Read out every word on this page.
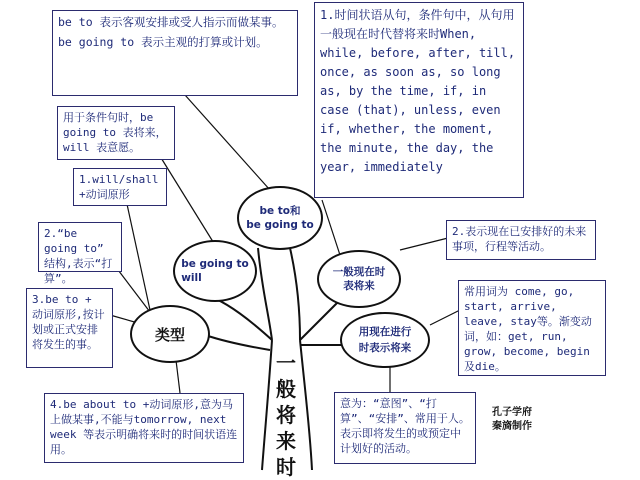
be to 表示客观安排或受人指示而做某事。
be going to 表示主观的打算或计划。
用于条件句时，be going to 表将来，will 表意愿。
1.will/shall
+动词原形
2.“be going to” 结构,表示“打算”。
3.be to + 动词原形,按计划或正式安排将发生的事。
4.be about to +动词原形,意为马上做某事,不能与tomorrow, next week 等表示明确将来时的时间状语连用。
1.时间状语从句，条件句中，从句用一般现在时代替将来时When, while, before, after, till, once, as soon as, so long as, by the time, if, in case (that), unless, even if, whether, the moment, the minute, the day, the year, immediately
2.表示现在已安排好的未来事项，行程等活动。
常用词为 come, go, start, arrive, leave, stay等。渐变动词，如：get, run, grow, become, begin及die。
意为：“意图”、“打算”、“安排”、常用于人。表示即将发生的或预定中计划好的活动。
be to和
be going to
be going to
will	一般现在时
表将来
用现在进行
时表示将来
类型
一
般
将
来
时
孔子学府
秦旖制作
